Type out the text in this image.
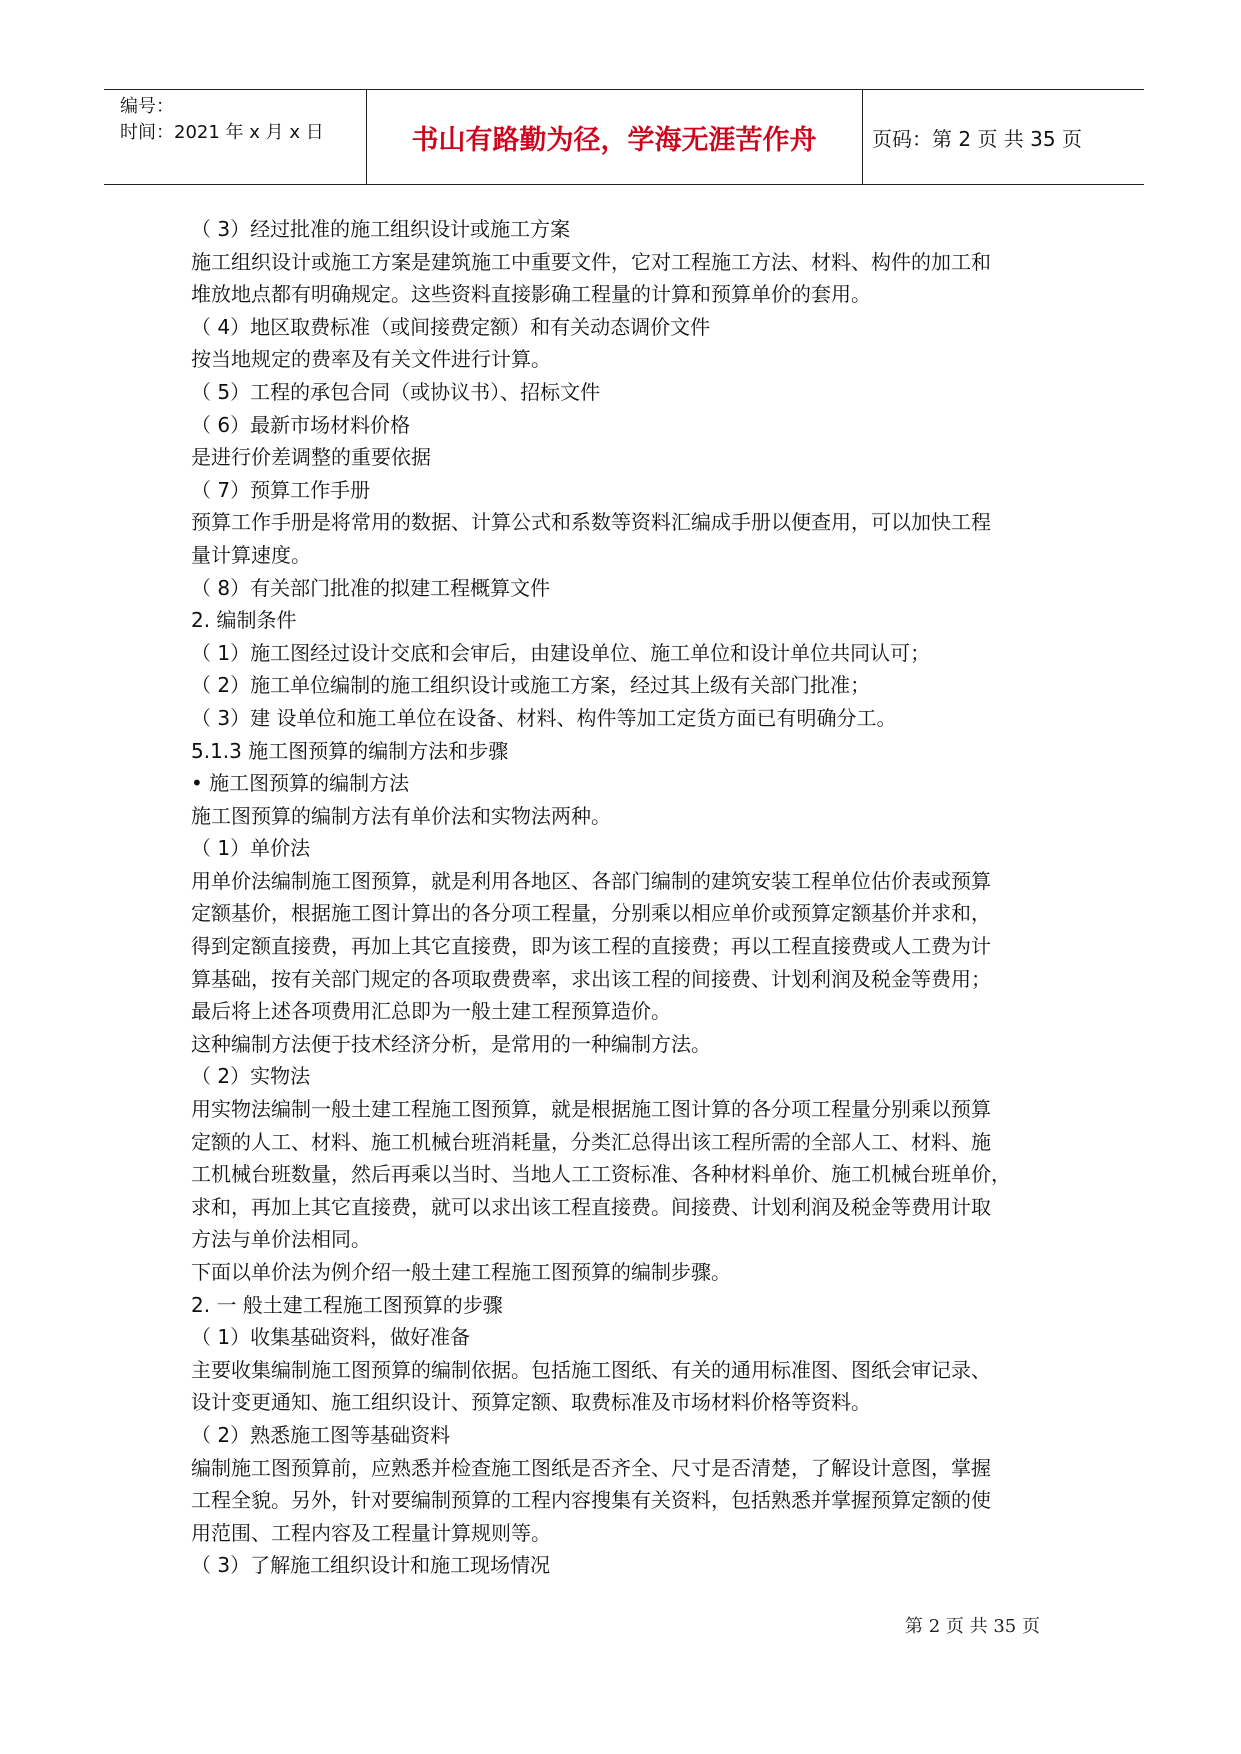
编号：
时间：2021 年 x 月 x 日	书山有路勤为径，学海无涯苦作舟	页码：第 2 页 共 35 页
（ 3）经过批准的施工组织设计或施工方案
施工组织设计或施工方案是建筑施工中重要文件，它对工程施工方法、材料、构件的加工和
堆放地点都有明确规定。这些资料直接影确工程量的计算和预算单价的套用。
（ 4）地区取费标准（或间接费定额）和有关动态调价文件
按当地规定的费率及有关文件进行计算。
（ 5）工程的承包合同（或协议书）、招标文件
（ 6）最新市场材料价格
是进行价差调整的重要依据
（ 7）预算工作手册
预算工作手册是将常用的数据、计算公式和系数等资料汇编成手册以便查用，可以加快工程
量计算速度。
（ 8）有关部门批准的拟建工程概算文件
2. 编制条件
（ 1）施工图经过设计交底和会审后，由建设单位、施工单位和设计单位共同认可；
（ 2）施工单位编制的施工组织设计或施工方案，经过其上级有关部门批准；
（ 3）建 设单位和施工单位在设备、材料、构件等加工定货方面已有明确分工。
5.1.3 施工图预算的编制方法和步骤
• 施工图预算的编制方法
施工图预算的编制方法有单价法和实物法两种。
（ 1）单价法
用单价法编制施工图预算，就是利用各地区、各部门编制的建筑安装工程单位估价表或预算
定额基价，根据施工图计算出的各分项工程量，分别乘以相应单价或预算定额基价并求和，
得到定额直接费，再加上其它直接费，即为该工程的直接费；再以工程直接费或人工费为计
算基础，按有关部门规定的各项取费费率，求出该工程的间接费、计划利润及税金等费用；
最后将上述各项费用汇总即为一般土建工程预算造价。
这种编制方法便于技术经济分析，是常用的一种编制方法。
（ 2）实物法
用实物法编制一般土建工程施工图预算，就是根据施工图计算的各分项工程量分别乘以预算
定额的人工、材料、施工机械台班消耗量，分类汇总得出该工程所需的全部人工、材料、施
工机械台班数量，然后再乘以当时、当地人工工资标准、各种材料单价、施工机械台班单价，
求和，再加上其它直接费，就可以求出该工程直接费。间接费、计划利润及税金等费用计取
方法与单价法相同。
下面以单价法为例介绍一般土建工程施工图预算的编制步骤。
2. 一 般土建工程施工图预算的步骤
（ 1）收集基础资料，做好准备
主要收集编制施工图预算的编制依据。包括施工图纸、有关的通用标准图、图纸会审记录、
设计变更通知、施工组织设计、预算定额、取费标准及市场材料价格等资料。
（ 2）熟悉施工图等基础资料
编制施工图预算前，应熟悉并检查施工图纸是否齐全、尺寸是否清楚，了解设计意图，掌握
工程全貌。另外，针对要编制预算的工程内容搜集有关资料，包括熟悉并掌握预算定额的使
用范围、工程内容及工程量计算规则等。
（ 3）了解施工组织设计和施工现场情况
第 2 页 共 35 页
